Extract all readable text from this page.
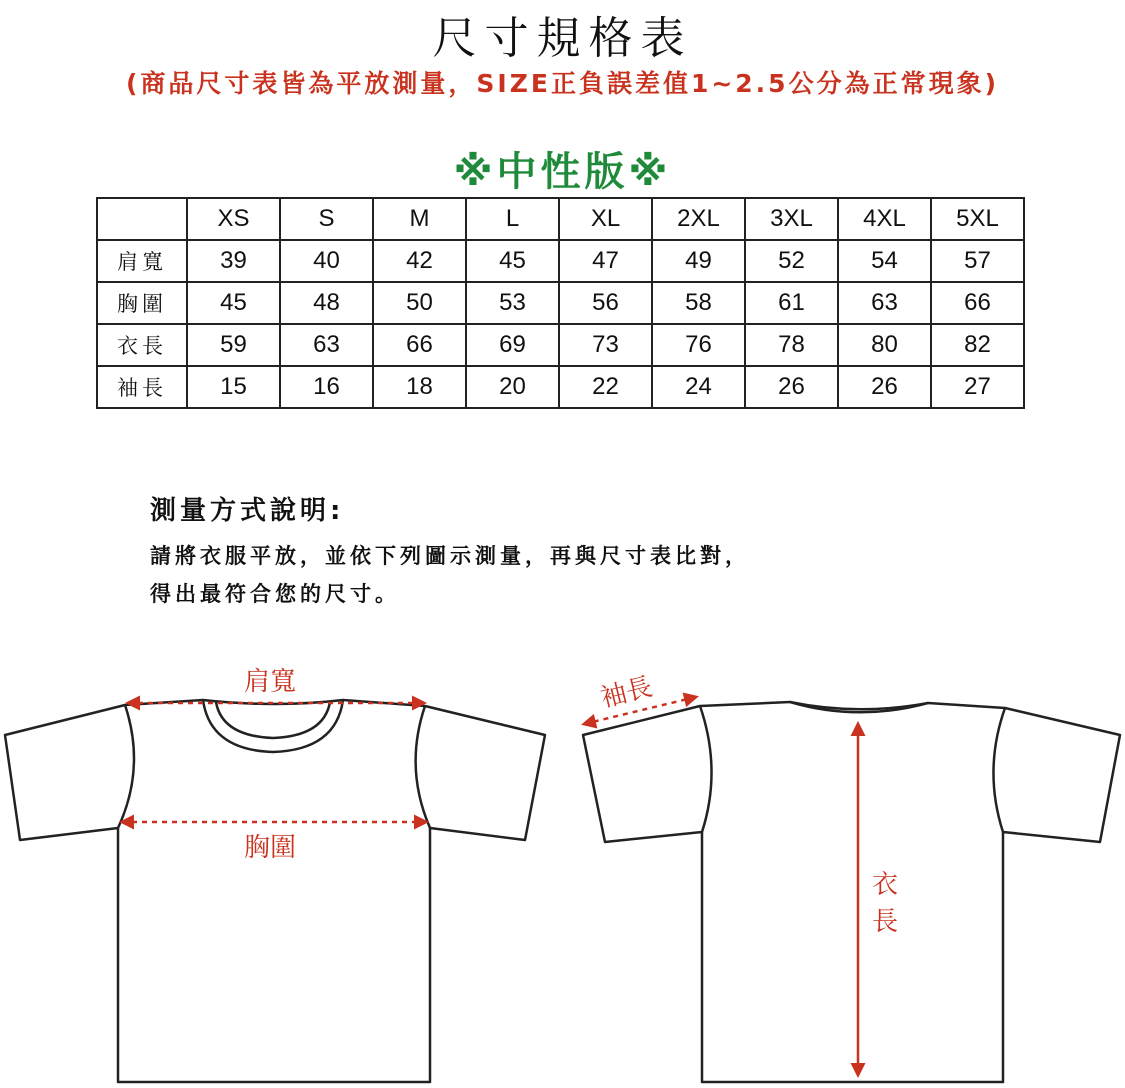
尺寸規格表
(商品尺寸表皆為平放測量，SIZE正負誤差值1~2.5公分為正常現象)
※中性版※
	XS	S	M	L	XL	2XL	3XL	4XL	5XL
肩寬	39	40	42	45	47	49	52	54	57
胸圍	45	48	50	53	56	58	61	63	66
衣長	59	63	66	69	73	76	78	80	82
袖長	15	16	18	20	22	24	26	26	27
測量方式說明:
請將衣服平放，並依下列圖示測量，再與尺寸表比對，
得出最符合您的尺寸。
肩寬
胸圍
袖長
衣
長
